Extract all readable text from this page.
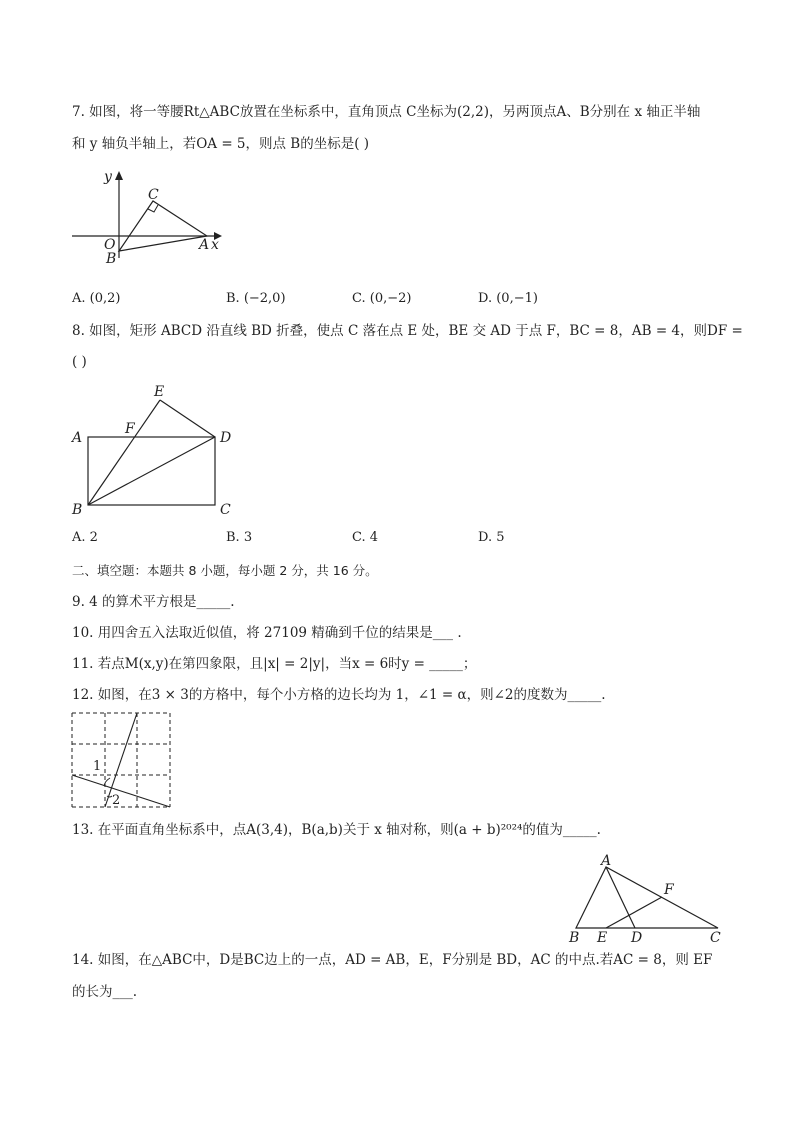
7. 如图，将一等腰Rt△ABC放置在坐标系中，直角顶点 C坐标为(2,2)，另两顶点A、B分别在 x 轴正半轴
和 y 轴负半轴上，若OA = 5，则点 B的坐标是( )
y
x
O	A
B
C
A. (0,2)	B. (−2,0)	C. (0,−2)	D. (0,−1)
8. 如图，矩形 ABCD 沿直线 BD 折叠，使点 C 落在点 E 处，BE 交 AD 于点 F，BC = 8，AB = 4，则DF =
( )
A
B	C
D
E
F
A. 2	B. 3	C. 4	D. 5
二、填空题：本题共 8 小题，每小题 2 分，共 16 分。
9. 4 的算术平方根是_____.
10. 用四舍五入法取近似值，将 27109 精确到千位的结果是___ .
11. 若点M(x,y)在第四象限，且|x| = 2|y|，当x = 6时y = _____；
12. 如图，在3 × 3的方格中，每个小方格的边长均为 1，∠1 = α，则∠2的度数为_____.
1
2
13. 在平面直角坐标系中，点A(3,4)，B(a,b)关于 x 轴对称，则(a + b)²⁰²⁴的值为_____.
A
B	C
D
E
F
14. 如图，在△ABC中，D是BC边上的一点，AD = AB，E，F分别是 BD，AC 的中点.若AC = 8，则 EF
的长为___.
